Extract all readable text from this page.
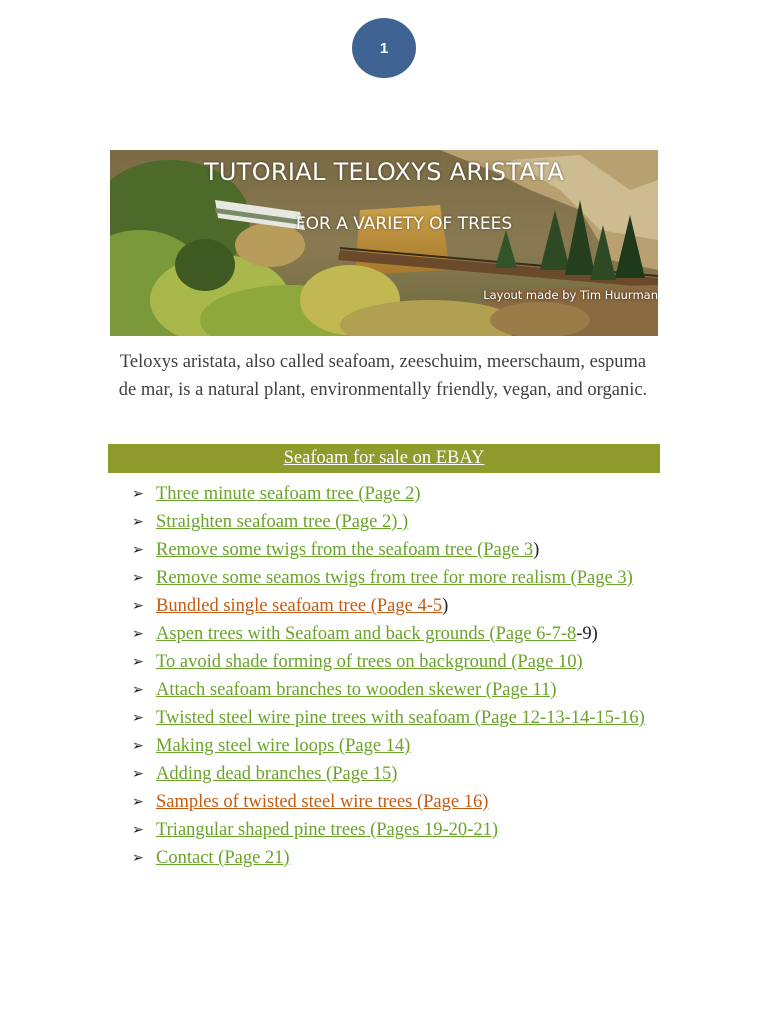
1
TUTORIAL TELOXYS ARISTATA
FOR A VARIETY OF TREES
Layout made by Tim Huurman
Teloxys aristata, also called seafoam, zeeschuim, meerschaum, espuma de mar, is a natural plant, environmentally friendly, vegan, and organic.
Seafoam for sale on EBAY
➢ Three minute seafoam tree (Page 2)
➢ Straighten seafoam tree (Page 2) )
➢ Remove some twigs from the seafoam tree (Page 3)
➢ Remove some seamos twigs from tree for more realism (Page 3)
➢ Bundled single seafoam tree (Page 4-5)
➢ Aspen trees with Seafoam and back grounds (Page 6-7-8-9)
➢ To avoid shade forming of trees on background (Page 10)
➢ Attach seafoam branches to wooden skewer (Page 11)
➢ Twisted steel wire pine trees with seafoam (Page 12-13-14-15-16)
➢ Making steel wire loops (Page 14)
➢ Adding dead branches (Page 15)
➢ Samples of twisted steel wire trees (Page 16)
➢ Triangular shaped pine trees (Pages 19-20-21)
➢ Contact (Page 21)
